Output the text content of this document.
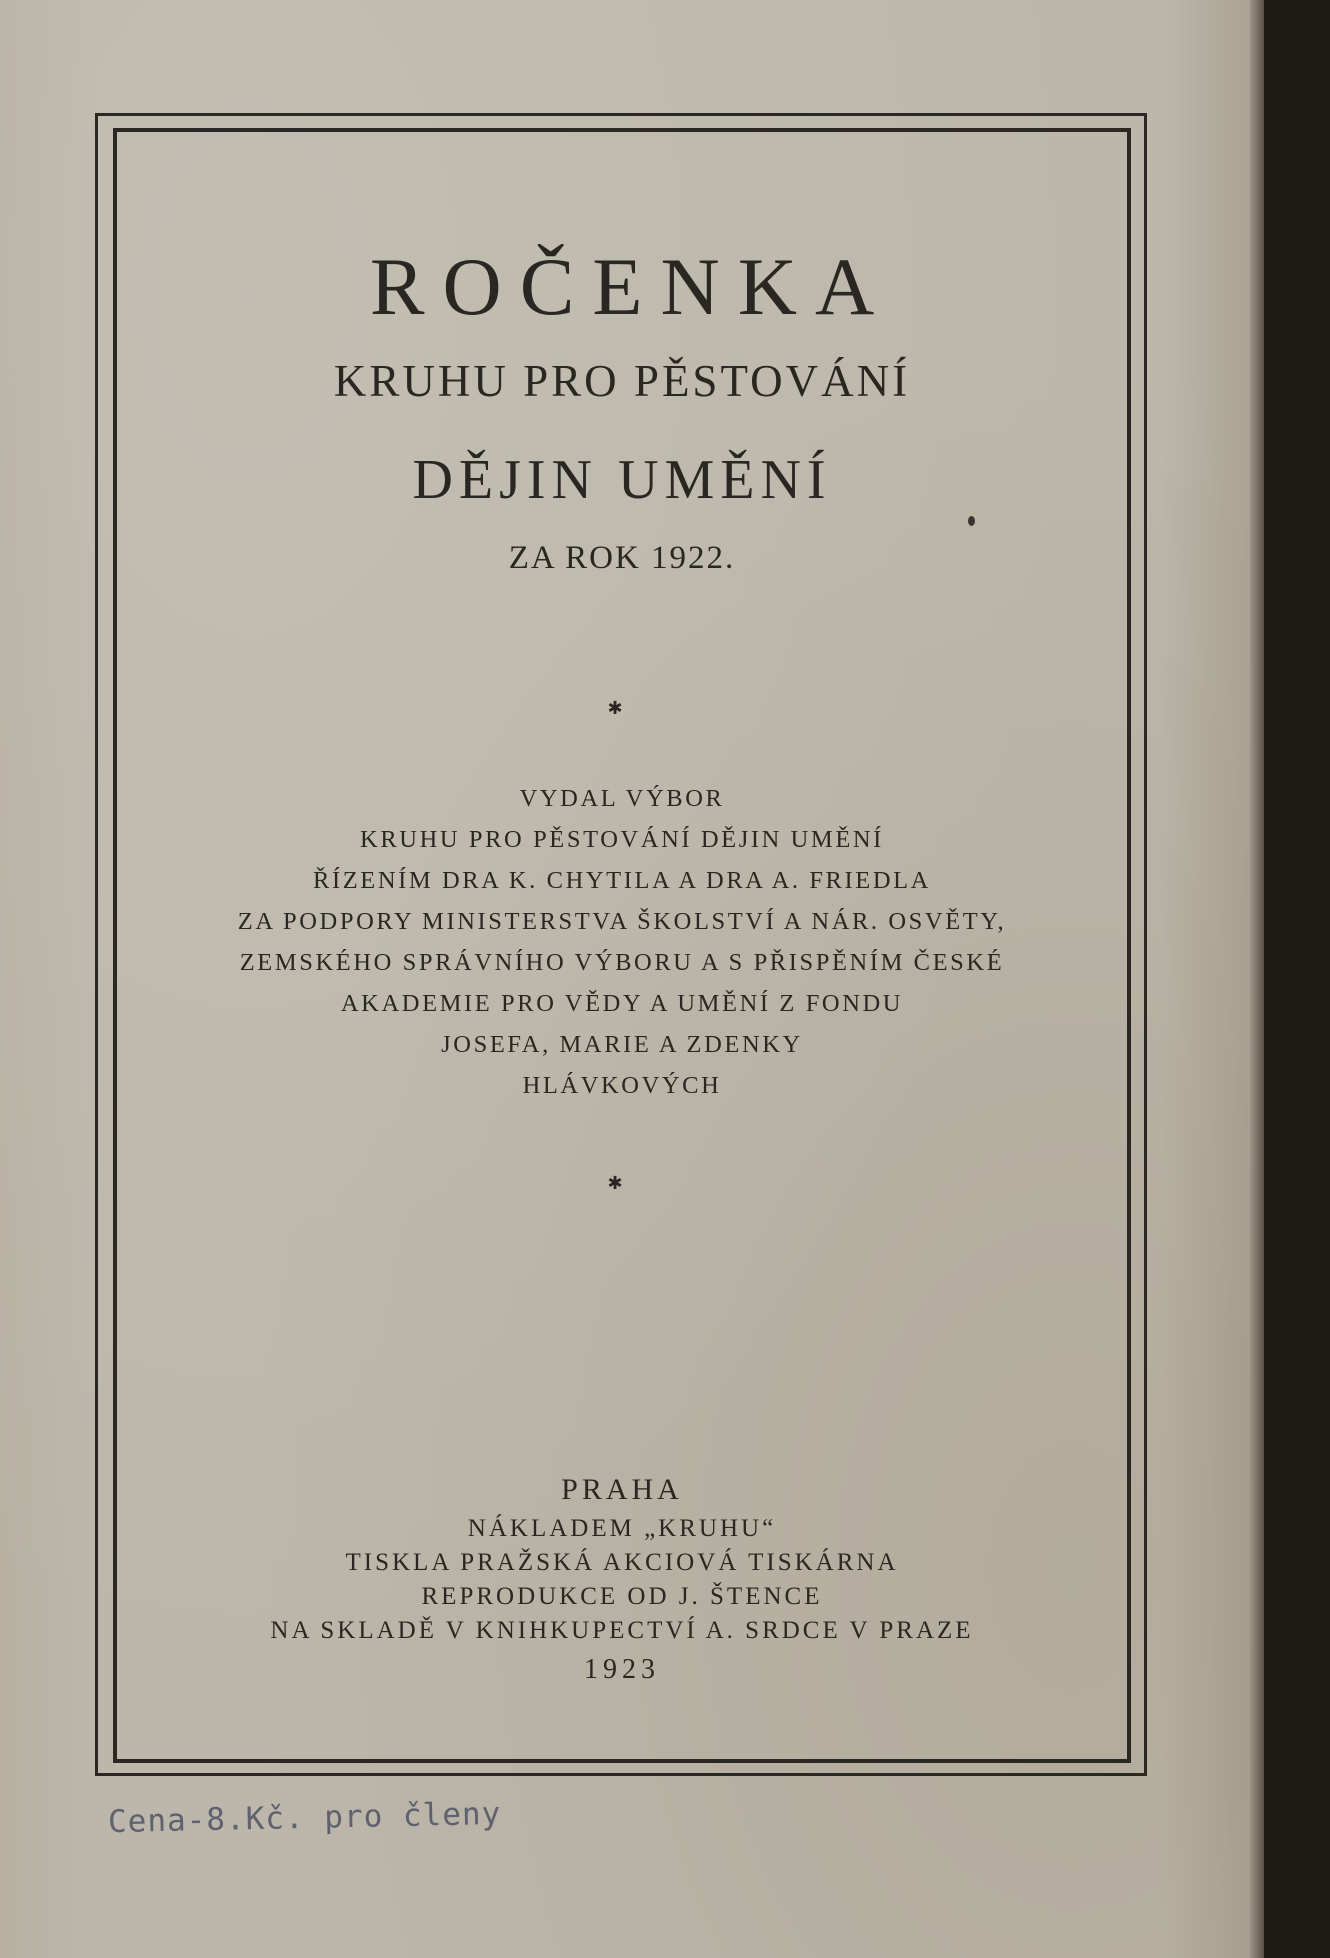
ROČENKA
KRUHU PRO PĚSTOVÁNÍ
DĚJIN UMĚNÍ
ZA ROK 1922.
✱
VYDAL VÝBOR
KRUHU PRO PĚSTOVÁNÍ DĚJIN UMĚNÍ
ŘÍZENÍM DRA K. CHYTILA A DRA A. FRIEDLA
ZA PODPORY MINISTERSTVA ŠKOLSTVÍ A NÁR. OSVĚTY,
ZEMSKÉHO SPRÁVNÍHO VÝBORU A S PŘISPĚNÍM ČESKÉ
AKADEMIE PRO VĚDY A UMĚNÍ Z FONDU
JOSEFA, MARIE A ZDENKY
HLÁVKOVÝCH
✱
PRAHA
NÁKLADEM „KRUHU“
TISKLA PRAŽSKÁ AKCIOVÁ TISKÁRNA
REPRODUKCE OD J. ŠTENCE
NA SKLADĚ V KNIHKUPECTVÍ A. SRDCE V PRAZE
1923
Cena-8.Kč. pro členy
